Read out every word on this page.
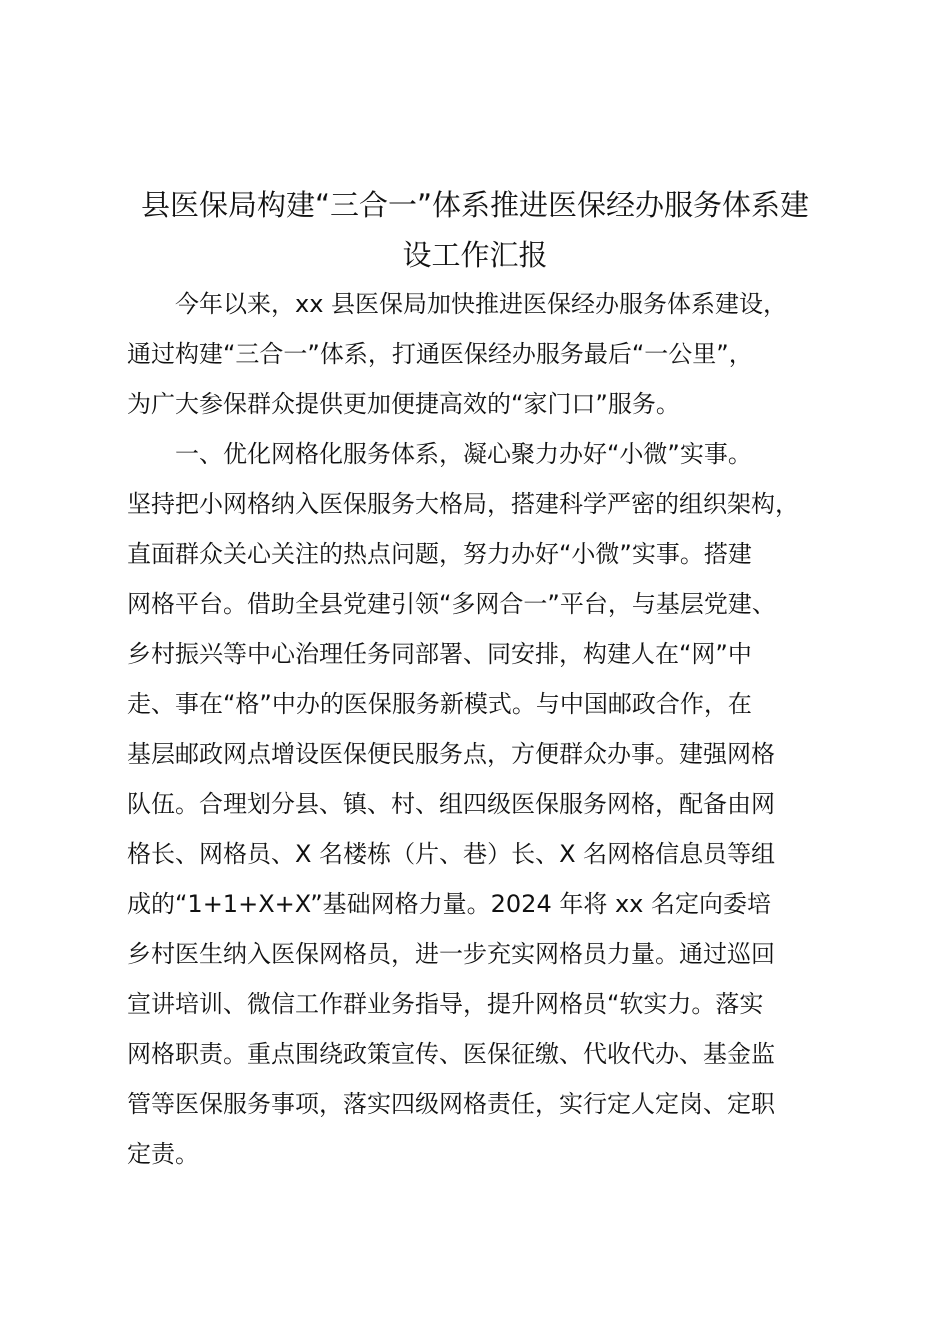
县医保局构建“三合一”体系推进医保经办服务体系建
设工作汇报
今年以来，xx 县医保局加快推进医保经办服务体系建设，
通过构建“三合一”体系，打通医保经办服务最后“一公里”，
为广大参保群众提供更加便捷高效的“家门口”服务。
一、优化网格化服务体系，凝心聚力办好“小微”实事。
坚持把小网格纳入医保服务大格局，搭建科学严密的组织架构，
直面群众关心关注的热点问题，努力办好“小微”实事。搭建
网格平台。借助全县党建引领“多网合一”平台，与基层党建、
乡村振兴等中心治理任务同部署、同安排，构建人在“网”中
走、事在“格”中办的医保服务新模式。与中国邮政合作，在
基层邮政网点增设医保便民服务点，方便群众办事。建强网格
队伍。合理划分县、镇、村、组四级医保服务网格，配备由网
格长、网格员、X 名楼栋（片、巷）长、X 名网格信息员等组
成的“1+1+X+X”基础网格力量。2024 年将 xx 名定向委培
乡村医生纳入医保网格员，进一步充实网格员力量。通过巡回
宣讲培训、微信工作群业务指导，提升网格员“软实力。落实
网格职责。重点围绕政策宣传、医保征缴、代收代办、基金监
管等医保服务事项，落实四级网格责任，实行定人定岗、定职
定责。
